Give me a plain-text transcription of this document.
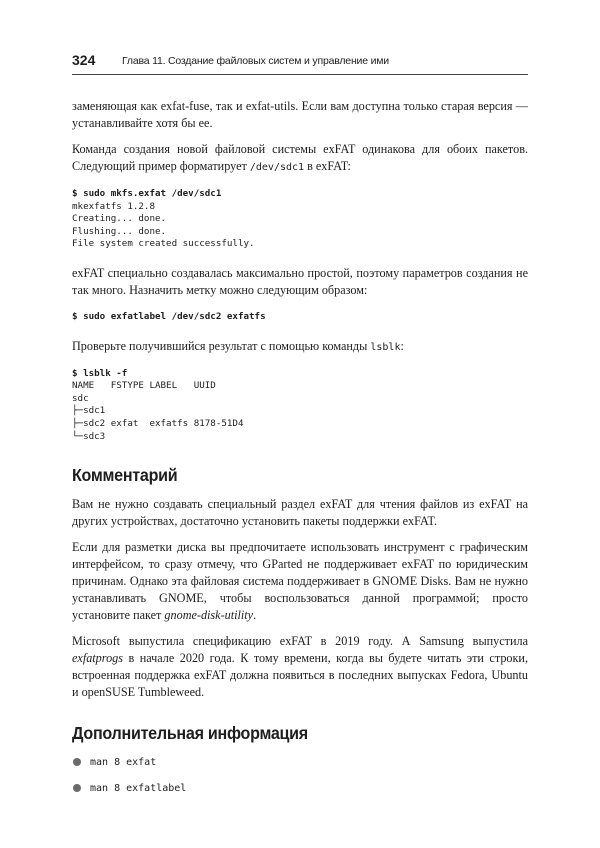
324	Глава 11. Создание файловых систем и управление ими

заменяющая как exfat-fuse, так и exfat-utils. Если вам доступна только старая версия — устанавливайте хотя бы ее.

Команда создания новой файловой системы exFAT одинакова для обоих пакетов. Следующий пример форматирует /dev/sdc1 в exFAT:

$ sudo mkfs.exfat /dev/sdc1
mkexfatfs 1.2.8
Creating... done.
Flushing... done.
File system created successfully.

exFAT специально создавалась максимально простой, поэтому параметров создания не так много. Назначить метку можно следующим образом:

$ sudo exfatlabel /dev/sdc2 exfatfs

Проверьте получившийся результат с помощью команды lsblk:

$ lsblk -f
NAME   FSTYPE LABEL   UUID
sdc
├─sdc1
├─sdc2 exfat  exfatfs 8178-51D4
└─sdc3
Комментарий

Вам не нужно создавать специальный раздел exFAT для чтения файлов из exFAT на других устройствах, достаточно установить пакеты поддержки exFAT.

Если для разметки диска вы предпочитаете использовать инструмент с графическим интерфейсом, то сразу отмечу, что GParted не поддерживает exFAT по юридическим причинам. Однако эта файловая система поддерживает в GNOME Disks. Вам не нужно устанавливать GNOME, чтобы воспользоваться данной программой; просто установите пакет gnome-disk-utility.

Microsoft выпустила спецификацию exFAT в 2019 году. А Samsung выпустила exfatprogs в начале 2020 года. К тому времени, когда вы будете читать эти строки, встроенная поддержка exFAT должна появиться в последних выпусках Fedora, Ubuntu и openSUSE Tumbleweed.

Дополнительная информация
man 8 exfat
man 8 exfatlabel
